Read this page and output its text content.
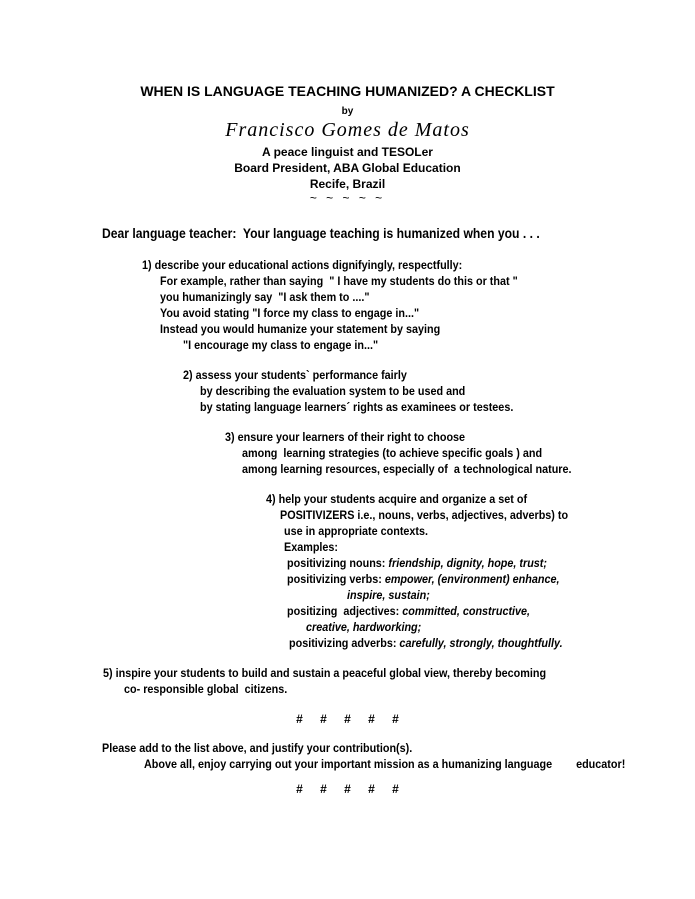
WHEN IS LANGUAGE TEACHING HUMANIZED? A CHECKLIST
by
Francisco Gomes de Matos
A peace linguist and TESOLer
Board President, ABA Global Education
Recife, Brazil
~ ~ ~ ~ ~
Dear language teacher:  Your language teaching is humanized when you . . .
1) describe your educational actions dignifyingly, respectfully:
For example, rather than saying  " I have my students do this or that "
you humanizingly say  "I ask them to ...."
You avoid stating "I force my class to engage in..."
Instead you would humanize your statement by saying
"I encourage my class to engage in..."
2) assess your students` performance fairly
by describing the evaluation system to be used and
by stating language learners´ rights as examinees or testees.
3) ensure your learners of their right to choose
among  learning strategies (to achieve specific goals ) and
among learning resources, especially of  a technological nature.
4) help your students acquire and organize a set of
POSITIVIZERS i.e., nouns, verbs, adjectives, adverbs) to
use in appropriate contexts.
Examples:
positivizing nouns: friendship, dignity, hope, trust;
positivizing verbs: empower, (environment) enhance,
inspire, sustain;
positizing  adjectives: committed, constructive,
creative, hardworking;
positivizing adverbs: carefully, strongly, thoughtfully.
5) inspire your students to build and sustain a peaceful global view, thereby becoming
co- responsible global  citizens.
# # # # #
Please add to the list above, and justify your contribution(s).
Above all, enjoy carrying out your important mission as a humanizing language        educator!
# # # # #
